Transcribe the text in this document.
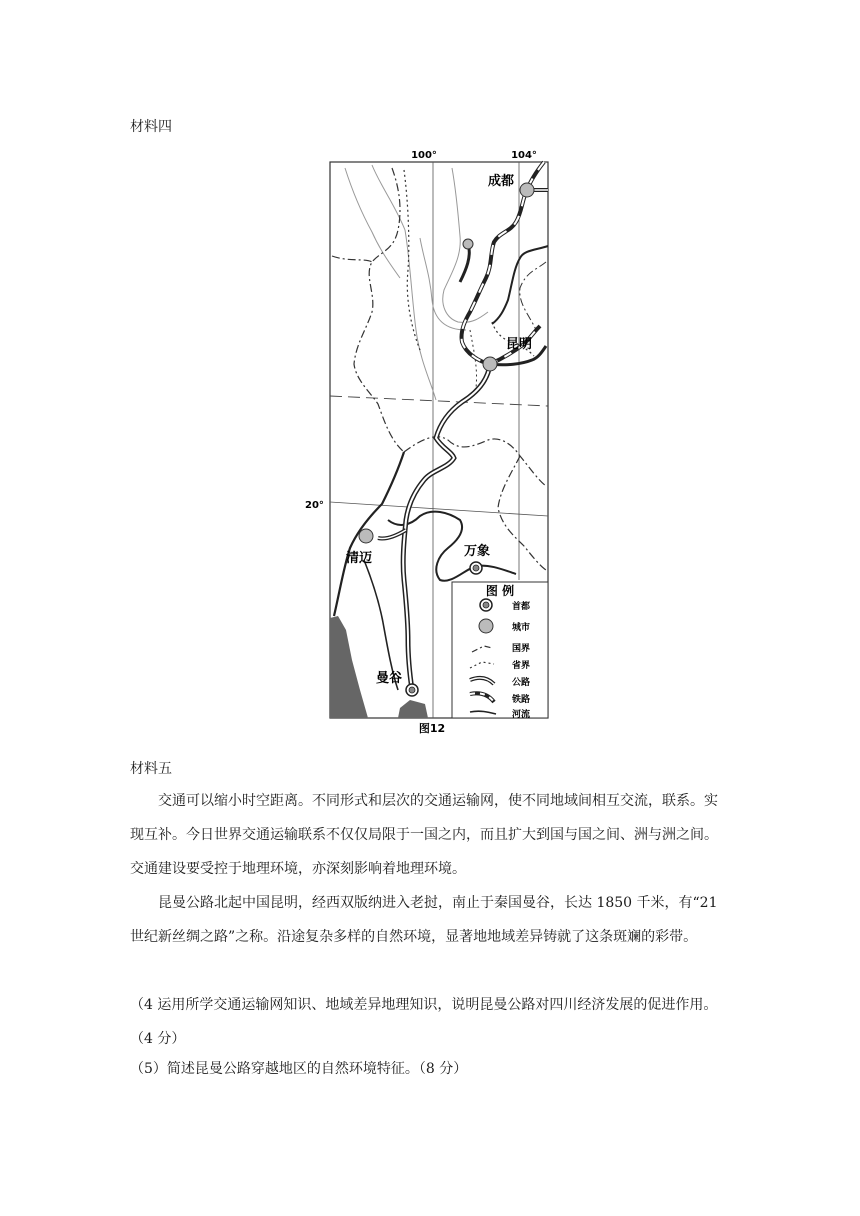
材料四
100°	104°
20°
成都
昆明
清迈	万象
曼谷
图 例
首都
城市
国界
省界
公路
铁路
河流
图12
材料五
交通可以缩小时空距离。不同形式和层次的交通运输网，使不同地域间相互交流，联系。实现互补。今日世界交通运输联系不仅仅局限于一国之内，而且扩大到国与国之间、洲与洲之间。交通建设要受控于地理环境，亦深刻影响着地理环境。
昆曼公路北起中国昆明，经西双版纳进入老挝，南止于秦国曼谷，长达 1850 千米，有“21 世纪新丝绸之路”之称。沿途复杂多样的自然环境，显著地地域差异铸就了这条斑斓的彩带。
（4 运用所学交通运输网知识、地域差异地理知识，说明昆曼公路对四川经济发展的促进作用。（4 分）
（5）简述昆曼公路穿越地区的自然环境特征。（8 分）
